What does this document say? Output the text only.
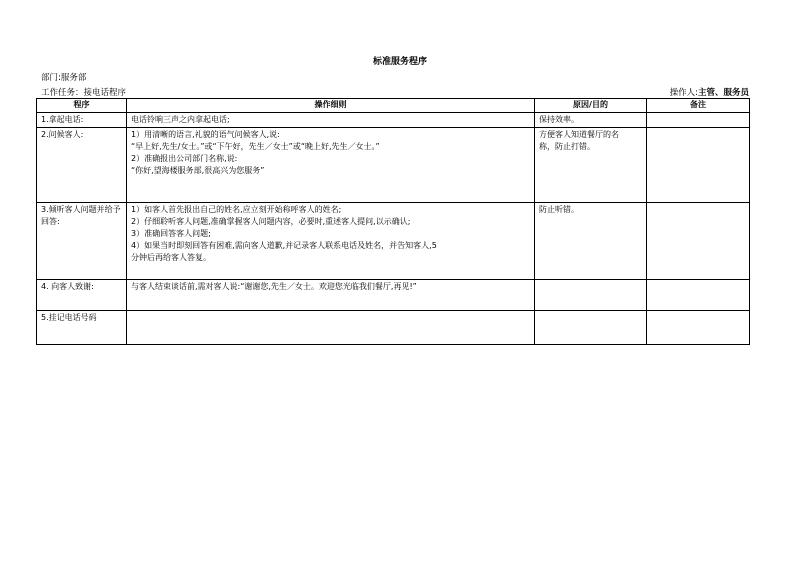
标准服务程序
部门:服务部
工作任务：接电话程序	操作人:主管、服务员
程序	操作细则	原因/目的	备注
1.拿起电话:	电话铃响三声之内拿起电话;	保持效率。	

2.问候客人:	1）用清晰的语言,礼貌的语气问候客人,说:
“早上好,先生/女士。”或“下午好，先生／女士”或“晚上好,先生／女士。”
2）准确报出公司部门名称,说:
“你好,望海楼服务部,很高兴为您服务”	方便客人知道餐厅的名
称，防止打错。	

3.倾听客人问题并给予回答:	1）如客人首先报出自己的姓名,应立刻开始称呼客人的姓名;
2）仔细聆听客人问题,准确掌握客人问题内容，必要时,重述客人提问,以示确认;
3）准确回答客人问题;
4）如果当时即刻回答有困难,需向客人道歉,并记录客人联系电话及姓名，并告知客人,5
分钟后再给客人答复。	防止听错。	

4. 向客人致谢:	与客人结束谈话前,需对客人说:“谢谢您,先生／女士。欢迎您光临我们餐厅,再见!”		

5.挂记电话号码			
